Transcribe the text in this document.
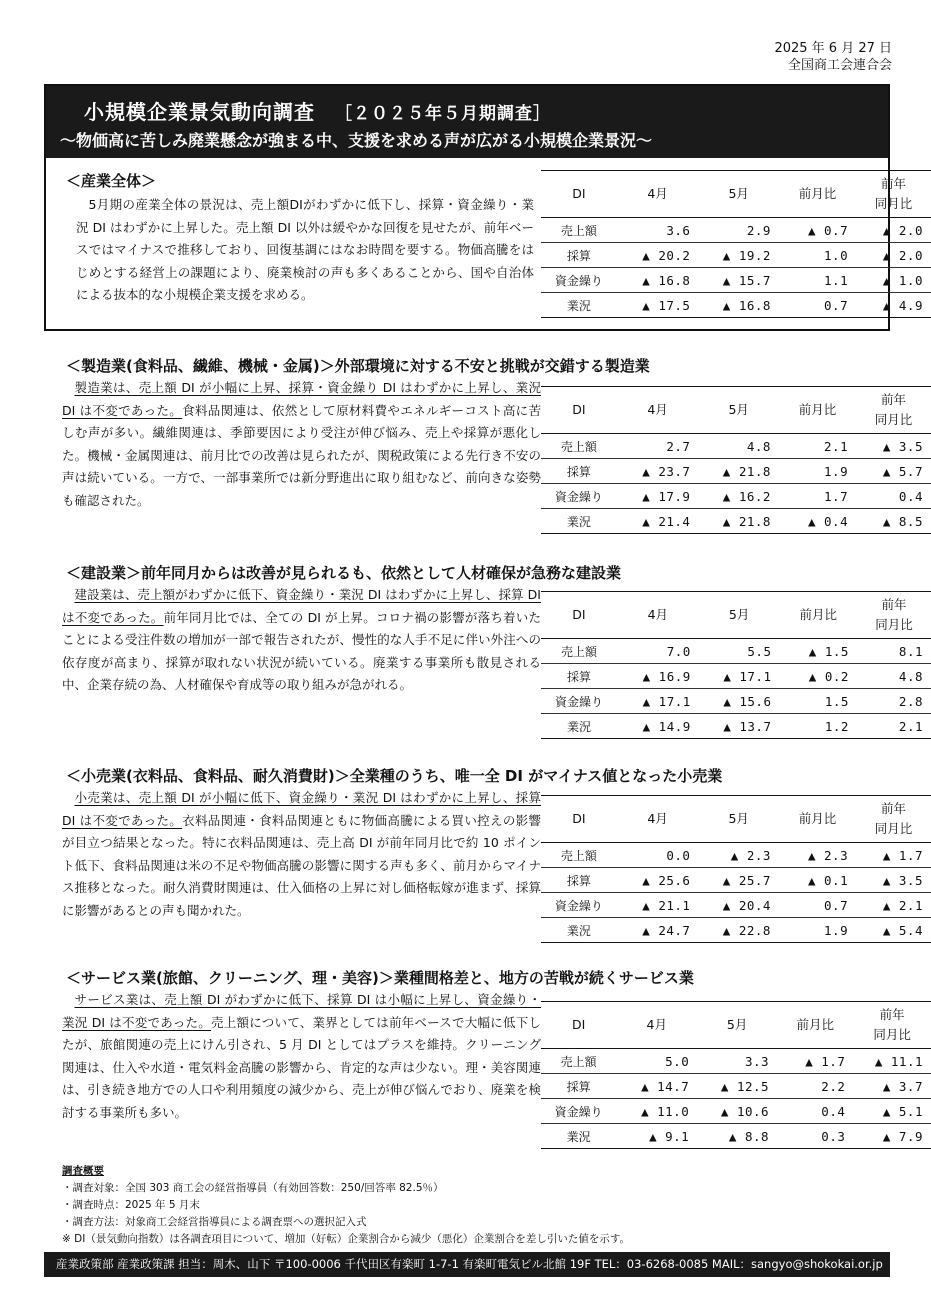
2025 年 6 月 27 日
全国商工会連合会
小規模企業景気動向調査 ［２０２５年５月期調査］
～物価高に苦しみ廃業懸念が強まる中、支援を求める声が広がる小規模企業景況～
＜産業全体＞
5月期の産業全体の景況は、売上額DIがわずかに低下し、採算・資金繰り・業況 DI はわずかに上昇した。売上額 DI 以外は緩やかな回復を見せたが、前年ベースではマイナスで推移しており、回復基調にはなお時間を要する。物価高騰をはじめとする経営上の課題により、廃業検討の声も多くあることから、国や自治体による抜本的な小規模企業支援を求める。
DI	4月	5月	前月比	前年
同月比

売上額	3.6	2.9	▲ 0.7	▲ 2.0
採算	▲ 20.2	▲ 19.2	1.0	▲ 2.0
資金繰り	▲ 16.8	▲ 15.7	1.1	▲ 1.0
業況	▲ 17.5	▲ 16.8	0.7	▲ 4.9
＜製造業(食料品、繊維、機械・金属)＞外部環境に対する不安と挑戦が交錯する製造業
製造業は、売上額 DI が小幅に上昇、採算・資金繰り DI はわずかに上昇し、業況 DI は不変であった。食料品関連は、依然として原材料費やエネルギーコスト高に苦しむ声が多い。繊維関連は、季節要因により受注が伸び悩み、売上や採算が悪化した。機械・金属関連は、前月比での改善は見られたが、関税政策による先行き不安の声は続いている。一方で、一部事業所では新分野進出に取り組むなど、前向きな姿勢も確認された。
DI	4月	5月	前月比	前年
同月比

売上額	2.7	4.8	2.1	▲ 3.5
採算	▲ 23.7	▲ 21.8	1.9	▲ 5.7
資金繰り	▲ 17.9	▲ 16.2	1.7	0.4
業況	▲ 21.4	▲ 21.8	▲ 0.4	▲ 8.5
＜建設業＞前年同月からは改善が見られるも、依然として人材確保が急務な建設業
建設業は、売上額がわずかに低下、資金繰り・業況 DI はわずかに上昇し、採算 DI は不変であった。前年同月比では、全ての DI が上昇。コロナ禍の影響が落ち着いたことによる受注件数の増加が一部で報告されたが、慢性的な人手不足に伴い外注への依存度が高まり、採算が取れない状況が続いている。廃業する事業所も散見される中、企業存続の為、人材確保や育成等の取り組みが急がれる。
DI	4月	5月	前月比	前年
同月比

売上額	7.0	5.5	▲ 1.5	8.1
採算	▲ 16.9	▲ 17.1	▲ 0.2	4.8
資金繰り	▲ 17.1	▲ 15.6	1.5	2.8
業況	▲ 14.9	▲ 13.7	1.2	2.1
＜小売業(衣料品、食料品、耐久消費財)＞全業種のうち、唯一全 DI がマイナス値となった小売業
小売業は、売上額 DI が小幅に低下、資金繰り・業況 DI はわずかに上昇し、採算 DI は不変であった。衣料品関連・食料品関連ともに物価高騰による買い控えの影響が目立つ結果となった。特に衣料品関連は、売上高 DI が前年同月比で約 10 ポイント低下、食料品関連は米の不足や物価高騰の影響に関する声も多く、前月からマイナス推移となった。耐久消費財関連は、仕入価格の上昇に対し価格転嫁が進まず、採算に影響があるとの声も聞かれた。
DI	4月	5月	前月比	前年
同月比

売上額	0.0	▲ 2.3	▲ 2.3	▲ 1.7
採算	▲ 25.6	▲ 25.7	▲ 0.1	▲ 3.5
資金繰り	▲ 21.1	▲ 20.4	0.7	▲ 2.1
業況	▲ 24.7	▲ 22.8	1.9	▲ 5.4
＜サービス業(旅館、クリーニング、理・美容)＞業種間格差と、地方の苦戦が続くサービス業
サービス業は、売上額 DI がわずかに低下、採算 DI は小幅に上昇し、資金繰り・業況 DI は不変であった。売上額について、業界としては前年ベースで大幅に低下したが、旅館関連の売上にけん引され、5 月 DI としてはプラスを維持。クリーニング関連は、仕入や水道・電気料金高騰の影響から、肯定的な声は少ない。理・美容関連は、引き続き地方での人口や利用頻度の減少から、売上が伸び悩んでおり、廃業を検討する事業所も多い。
DI	4月	5月	前月比	前年
同月比

売上額	5.0	3.3	▲ 1.7	▲ 11.1
採算	▲ 14.7	▲ 12.5	2.2	▲ 3.7
資金繰り	▲ 11.0	▲ 10.6	0.4	▲ 5.1
業況	▲ 9.1	▲ 8.8	0.3	▲ 7.9
調査概要
・調査対象：全国 303 商工会の経営指導員（有効回答数：250/回答率 82.5％）
・調査時点：2025 年 5 月末
・調査方法：対象商工会経営指導員による調査票への選択記入式
※ DI（景気動向指数）は各調査項目について、増加（好転）企業割合から減少（悪化）企業割合を差し引いた値を示す。
産業政策部 産業政策課 担当：周木、山下 〒100-0006 千代田区有楽町 1-7-1 有楽町電気ビル北館 19F TEL：03-6268-0085 MAIL：sangyo@shokokai.or.jp
